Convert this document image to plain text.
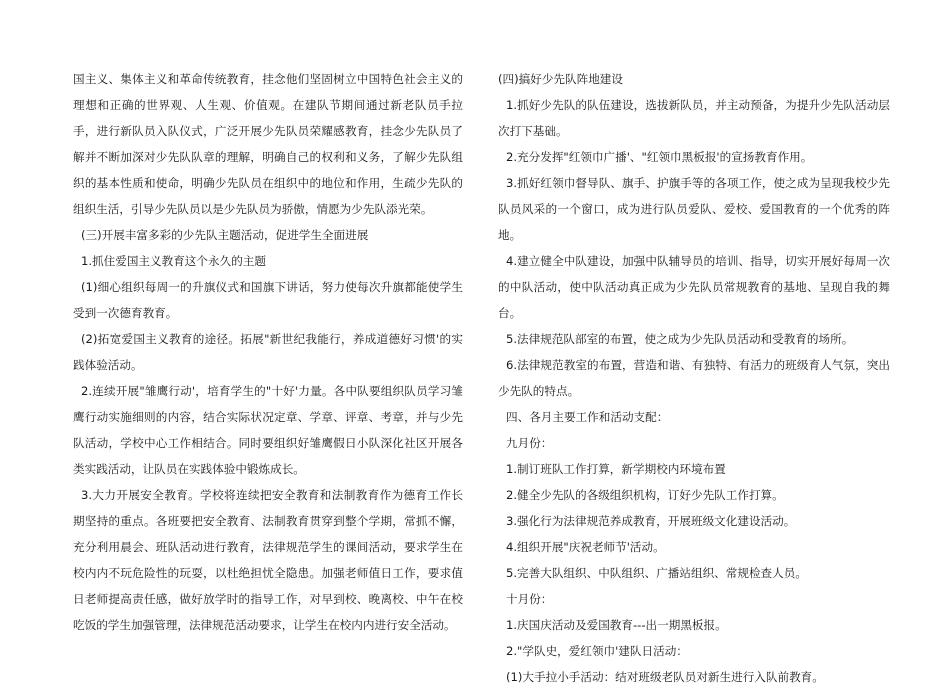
国主义、集体主义和革命传统教育，挂念他们坚固树立中国特色社会主义的理想和正确的世界观、人生观、价值观。在建队节期间通过新老队员手拉手，进行新队员入队仪式，广泛开展少先队员荣耀感教育，挂念少先队员了解并不断加深对少先队队章的理解，明确自己的权利和义务，了解少先队组织的基本性质和使命，明确少先队员在组织中的地位和作用，生疏少先队的组织生活，引导少先队员以是少先队员为骄傲，情愿为少先队添光荣。

(三)开展丰富多彩的少先队主题活动，促进学生全面进展

1.抓住爱国主义教育这个永久的主题

(1)细心组织每周一的升旗仪式和国旗下讲话，努力使每次升旗都能使学生受到一次德育教育。

(2)拓宽爱国主义教育的途径。拓展"新世纪我能行，养成道德好习惯'的实践体验活动。

2.连续开展"雏鹰行动'，培育学生的"十好'力量。各中队要组织队员学习雏鹰行动实施细则的内容，结合实际状况定章、学章、评章、考章，并与少先队活动，学校中心工作相结合。同时要组织好雏鹰假日小队深化社区开展各类实践活动，让队员在实践体验中锻炼成长。

3.大力开展安全教育。学校将连续把安全教育和法制教育作为德育工作长期坚持的重点。各班要把安全教育、法制教育贯穿到整个学期，常抓不懈，充分利用晨会、班队活动进行教育，法律规范学生的课间活动，要求学生在校内内不玩危险性的玩耍，以杜绝担忧全隐患。加强老师值日工作，要求值日老师提高责任感，做好放学时的指导工作，对早到校、晚离校、中午在校吃饭的学生加强管理，法律规范活动要求，让学生在校内内进行安全活动。

(四)搞好少先队阵地建设

1.抓好少先队的队伍建设，选拔新队员，并主动预备，为提升少先队活动层次打下基础。

2.充分发挥"红领巾广播'、"红领巾黑板报'的宣扬教育作用。

3.抓好红领巾督导队、旗手、护旗手等的各项工作，使之成为呈现我校少先队员风采的一个窗口，成为进行队员爱队、爱校、爱国教育的一个优秀的阵地。

4.建立健全中队建设，加强中队辅导员的培训、指导，切实开展好每周一次的中队活动，使中队活动真正成为少先队员常规教育的基地、呈现自我的舞台。

5.法律规范队部室的布置，使之成为少先队员活动和受教育的场所。

6.法律规范教室的布置，营造和谐、有独特、有活力的班级育人气氛，突出少先队的特点。

四、各月主要工作和活动支配：

九月份：

1.制订班队工作打算，新学期校内环境布置

2.健全少先队的各级组织机构，订好少先队工作打算。

3.强化行为法律规范养成教育，开展班级文化建设活动。

4.组织开展"庆祝老师节'活动。

5.完善大队组织、中队组织、广播站组织、常规检查人员。

十月份：

1.庆国庆活动及爱国教育---出一期黑板报。

2."学队史，爱红领巾'建队日活动：

(1)大手拉小手活动：结对班级老队员对新生进行入队前教育。
